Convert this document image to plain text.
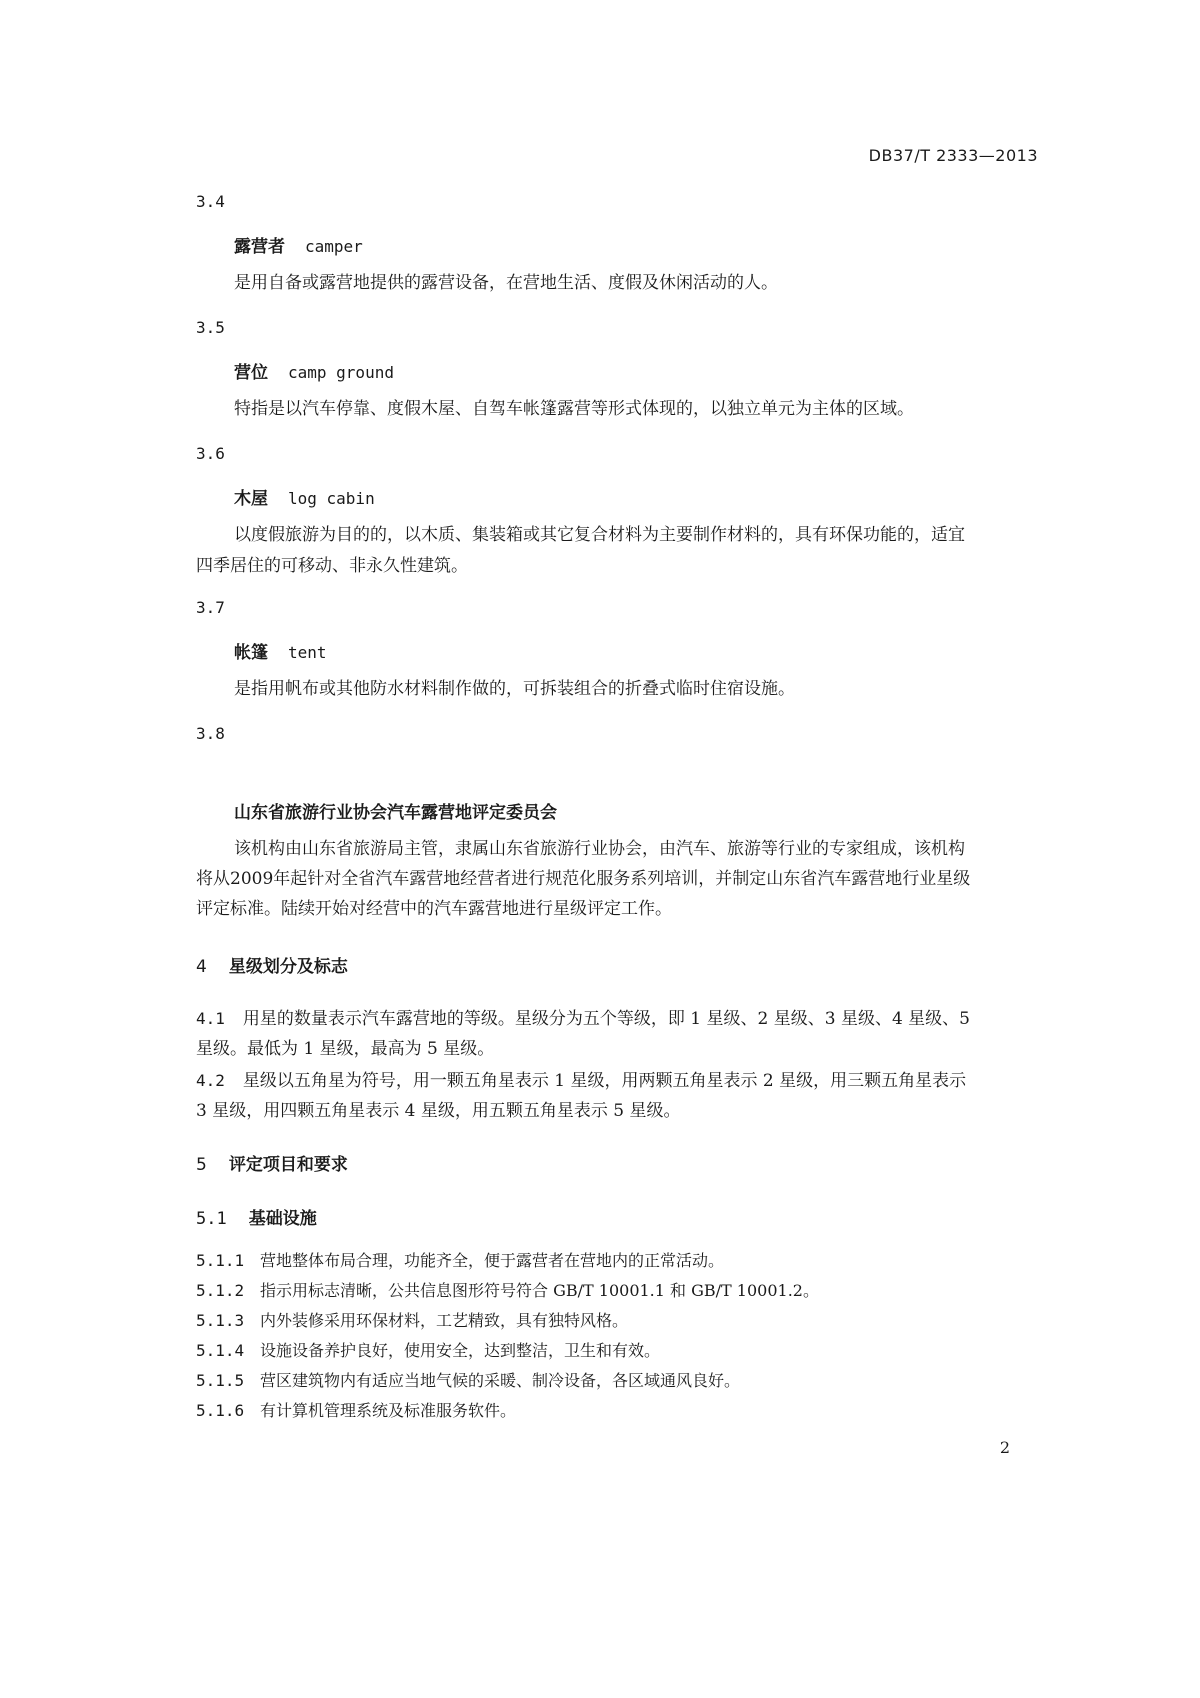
DB37/T 2333—2013
3.4
露营者 camper
是用自备或露营地提供的露营设备，在营地生活、度假及休闲活动的人。
3.5
营位 camp ground
特指是以汽车停靠、度假木屋、自驾车帐篷露营等形式体现的，以独立单元为主体的区域。
3.6
木屋 log cabin
以度假旅游为目的的，以木质、集装箱或其它复合材料为主要制作材料的，具有环保功能的，适宜
四季居住的可移动、非永久性建筑。
3.7
帐篷 tent
是指用帆布或其他防水材料制作做的，可拆装组合的折叠式临时住宿设施。
3.8
山东省旅游行业协会汽车露营地评定委员会
该机构由山东省旅游局主管，隶属山东省旅游行业协会，由汽车、旅游等行业的专家组成，该机构
将从2009年起针对全省汽车露营地经营者进行规范化服务系列培训，并制定山东省汽车露营地行业星级
评定标准。陆续开始对经营中的汽车露营地进行星级评定工作。
4 星级划分及标志
4.1 用星的数量表示汽车露营地的等级。星级分为五个等级，即 1 星级、2 星级、3 星级、4 星级、5
星级。最低为 1 星级，最高为 5 星级。
4.2 星级以五角星为符号，用一颗五角星表示 1 星级，用两颗五角星表示 2 星级，用三颗五角星表示
3 星级，用四颗五角星表示 4 星级，用五颗五角星表示 5 星级。
5 评定项目和要求
5.1 基础设施
5.1.1 营地整体布局合理，功能齐全，便于露营者在营地内的正常活动。
5.1.2 指示用标志清晰，公共信息图形符号符合 GB/T 10001.1 和 GB/T 10001.2。
5.1.3 内外装修采用环保材料，工艺精致，具有独特风格。
5.1.4 设施设备养护良好，使用安全，达到整洁，卫生和有效。
5.1.5 营区建筑物内有适应当地气候的采暖、制冷设备，各区域通风良好。
5.1.6 有计算机管理系统及标准服务软件。
2
